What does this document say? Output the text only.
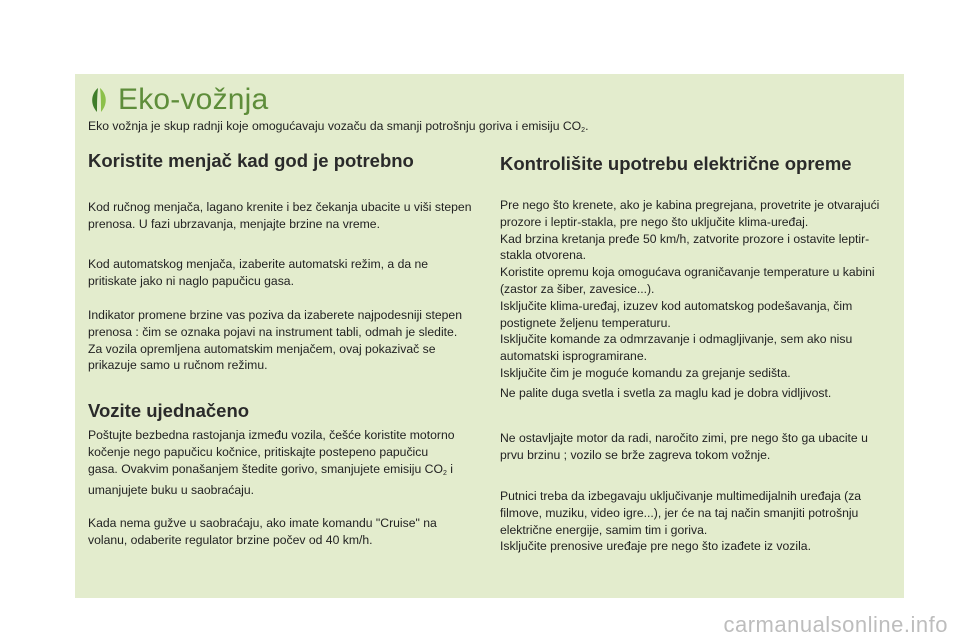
Eko-vožnja
Eko vožnja je skup radnji koje omogućavaju vozaču da smanji potrošnju goriva i emisiju $CO_2$.
Koristite menjač kad god je potrebno
Kod ručnog menjača, lagano krenite i bez čekanja ubacite u viši stepen
prenosa. U fazi ubrzavanja, menjajte brzine na vreme.
Kod automatskog menjača, izaberite automatski režim, a da ne
pritiskate jako ni naglo papučicu gasa.
Indikator promene brzine vas poziva da izaberete najpodesniji stepen
prenosa : čim se oznaka pojavi na instrument tabli, odmah je sledite.
Za vozila opremljena automatskim menjačem, ovaj pokazivač se
prikazuje samo u ručnom režimu.
Vozite ujednačeno
Poštujte bezbedna rastojanja između vozila, češće koristite motorno
kočenje nego papučicu kočnice, pritiskajte postepeno papučicu
gasa. Ovakvim ponašanjem štedite gorivo, smanjujete emisiju $CO_2$ i
umanjujete buku u saobraćaju.
Kada nema gužve u saobraćaju, ako imate komandu "Cruise" na
volanu, odaberite regulator brzine počev od 40 km/h.
Kontrolišite upotrebu električne opreme
Pre nego što krenete, ako je kabina pregrejana, provetrite je otvarajući
prozore i leptir-stakla, pre nego što uključite klima-uređaj.
Kad brzina kretanja pređe 50 km/h, zatvorite prozore i ostavite leptir-
stakla otvorena.
Koristite opremu koja omogućava ograničavanje temperature u kabini
(zastor za šiber, zavesice...).
Isključite klima-uređaj, izuzev kod automatskog podešavanja, čim
postignete željenu temperaturu.
Isključite komande za odmrzavanje i odmagljivanje, sem ako nisu
automatski isprogramirane.
Isključite čim je moguće komandu za grejanje sedišta.
Ne palite duga svetla i svetla za maglu kad je dobra vidljivost.
Ne ostavljajte motor da radi, naročito zimi, pre nego što ga ubacite u
prvu brzinu ; vozilo se brže zagreva tokom vožnje.
Putnici treba da izbegavaju uključivanje multimedijalnih uređaja (za
filmove, muziku, video igre...), jer će na taj način smanjiti potrošnju
električne energije, samim tim i goriva.
Isključite prenosive uređaje pre nego što izađete iz vozila.
carmanualsonline.info
